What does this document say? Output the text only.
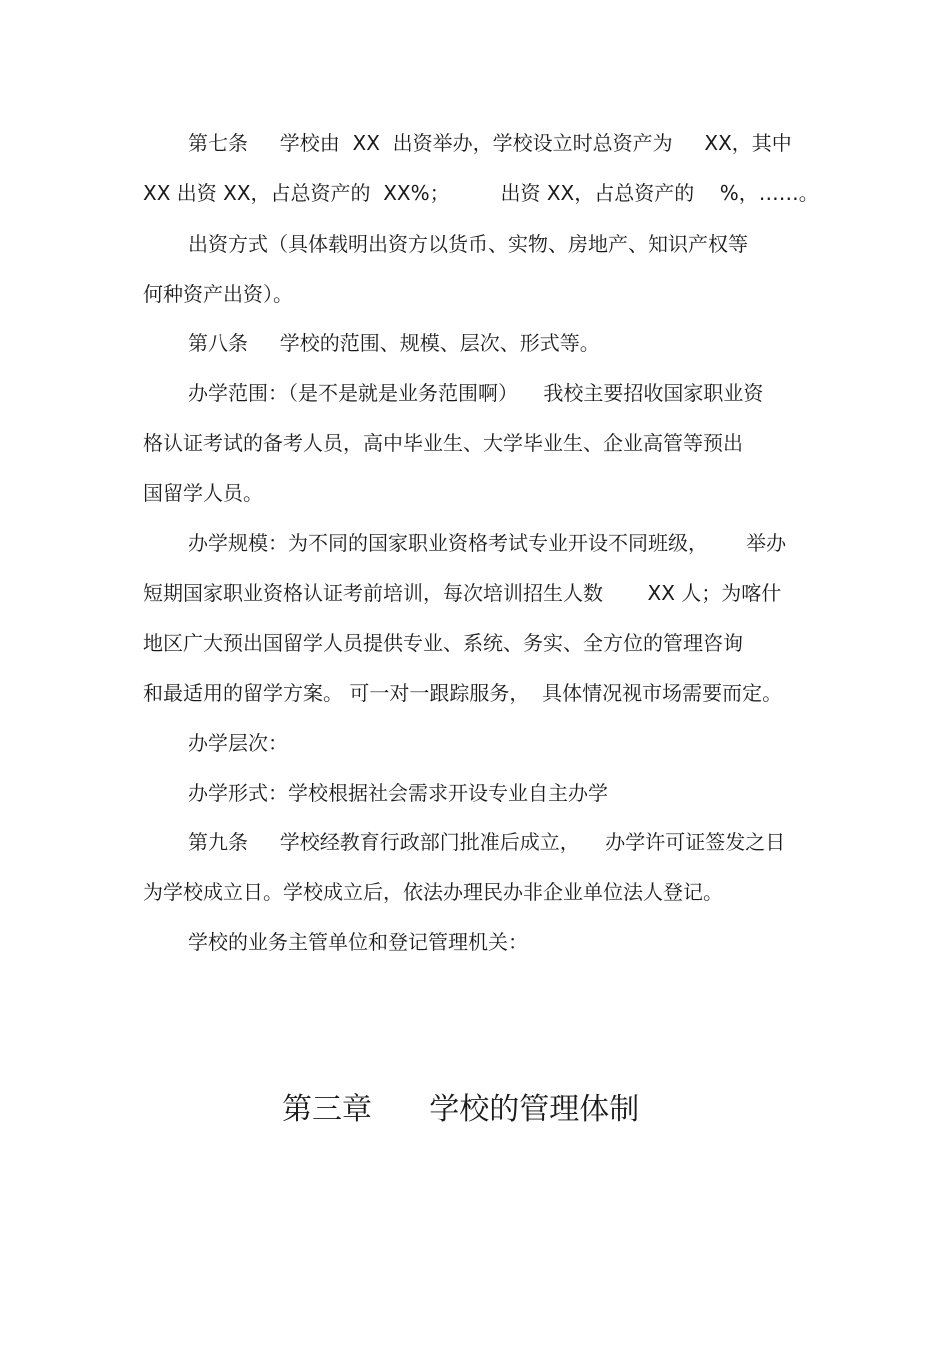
第七条     学校由  XX  出资举办，学校设立时总资产为     XX，其中
XX 出资 XX，占总资产的  XX%；        出资 XX，占总资产的    %，……。
出资方式（具体载明出资方以货币、实物、房地产、知识产权等
何种资产出资）。
第八条     学校的范围、规模、层次、形式等。
办学范围：（是不是就是业务范围啊）    我校主要招收国家职业资
格认证考试的备考人员，高中毕业生、大学毕业生、企业高管等预出
国留学人员。
办学规模：为不同的国家职业资格考试专业开设不同班级，      举办
短期国家职业资格认证考前培训，每次培训招生人数       XX 人；为喀什
地区广大预出国留学人员提供专业、系统、务实、全方位的管理咨询
和最适用的留学方案。 可一对一跟踪服务，  具体情况视市场需要而定。
办学层次：
办学形式：学校根据社会需求开设专业自主办学
第九条     学校经教育行政部门批准后成立，    办学许可证签发之日
为学校成立日。学校成立后，依法办理民办非企业单位法人登记。
学校的业务主管单位和登记管理机关：
第三章      学校的管理体制
